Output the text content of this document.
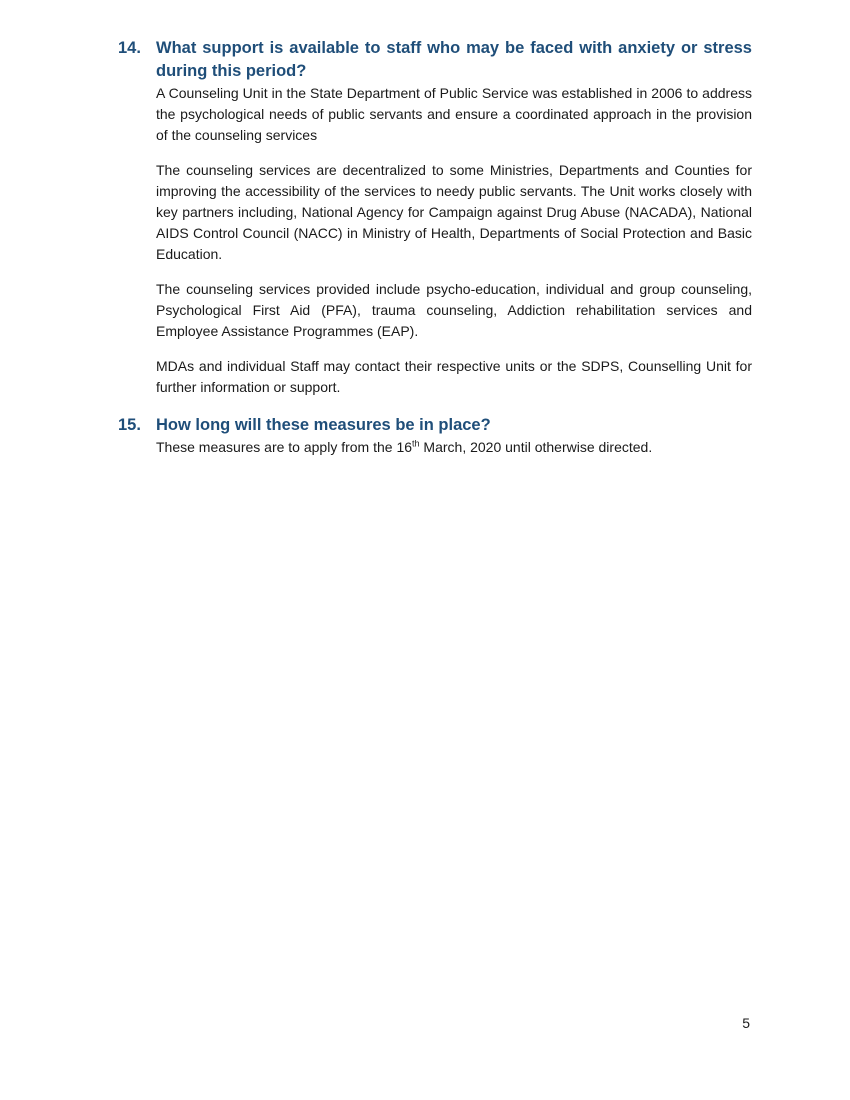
14. What support is available to staff who may be faced with anxiety or stress during this period?

A Counseling Unit in the State Department of Public Service was established in 2006 to address the psychological needs of public servants and ensure a coordinated approach in the provision of the counseling services

The counseling services are decentralized to some Ministries, Departments and Counties for improving the accessibility of the services to needy public servants. The Unit works closely with key partners including, National Agency for Campaign against Drug Abuse (NACADA), National AIDS Control Council (NACC) in Ministry of Health, Departments of Social Protection and Basic Education.

The counseling services provided include psycho-education, individual and group counseling, Psychological First Aid (PFA), trauma counseling, Addiction rehabilitation services and Employee Assistance Programmes (EAP).

MDAs and individual Staff may contact their respective units or the SDPS, Counselling Unit for further information or support.

15. How long will these measures be in place?

These measures are to apply from the 16th March, 2020 until otherwise directed.

5
